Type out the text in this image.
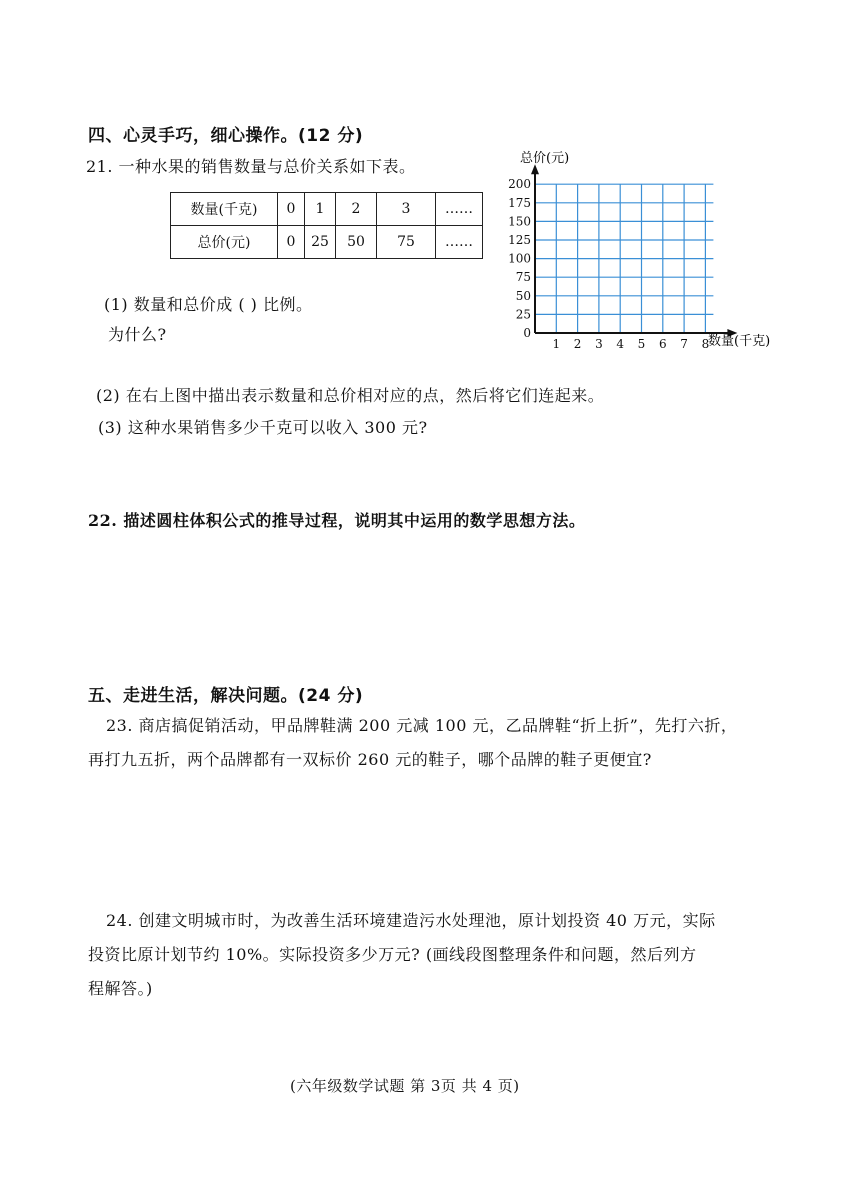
四、心灵手巧，细心操作。(12 分)
21. 一种水果的销售数量与总价关系如下表。
数量(千克)	0	1	2	3	……
总价(元)	0	25	50	75	……
(1) 数量和总价成 ( ) 比例。
为什么?
(2) 在右上图中描出表示数量和总价相对应的点，然后将它们连起来。
(3) 这种水果销售多少千克可以收入 300 元?
0
25
50
75
100
125
150
175
200
1 2 3 4 5 6 7 8
总价(元)
数量(千克)
22. 描述圆柱体积公式的推导过程，说明其中运用的数学思想方法。
五、走进生活，解决问题。(24 分)
23. 商店搞促销活动，甲品牌鞋满 200 元减 100 元，乙品牌鞋“折上折”，先打六折，
再打九五折，两个品牌都有一双标价 260 元的鞋子，哪个品牌的鞋子更便宜?
24. 创建文明城市时，为改善生活环境建造污水处理池，原计划投资 40 万元，实际
投资比原计划节约 10%。实际投资多少万元? (画线段图整理条件和问题，然后列方
程解答。)
(六年级数学试题 第 3页 共 4 页)
